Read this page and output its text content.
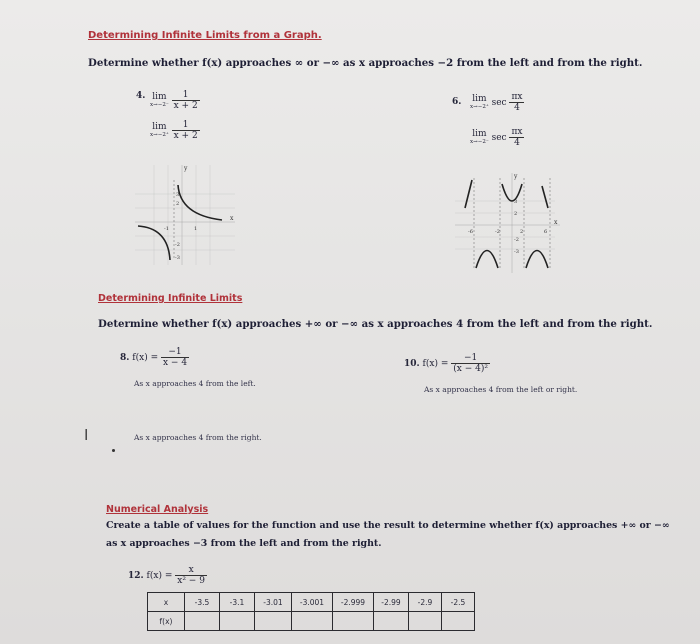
Determining Infinite Limits from a Graph.
Determine whether f(x) approaches ∞ or −∞ as x approaches −2 from the left and from the right.
4. lim
x→−2⁻
$\frac{1}{x + 2}$
lim
x→−2⁺
$\frac{1}{x + 2}$
6. lim
x→−2⁺ $\sec \frac{\pi x}{4}$
lim
x→−2⁻ $\sec \frac{\pi x}{4}$
x
y
-1	1
3
2
-2
-3
x
y
-6	-2	2	6
3
2
-2
-3
Determining Infinite Limits
Determine whether f(x) approaches +∞ or −∞ as x approaches 4 from the left and from the right.
8. $f(x) = \frac{-1}{x - 4}$
As x approaches 4 from the left.
As x approaches 4 from the right.
10. $f(x) = \frac{-1}{\text{(x − 4)²}}$
As x approaches 4 from the left or right.
I
Numerical Analysis
Create a table of values for the function and use the result to determine whether f(x) approaches +∞ or −∞
as x approaches −3 from the left and from the right.
12. $f(x) = \frac{x}{\text{x² − 9}}$
x	-3.5	-3.1	-3.01	-3.001	-2.999	-2.99	-2.9	-2.5
f(x)								
